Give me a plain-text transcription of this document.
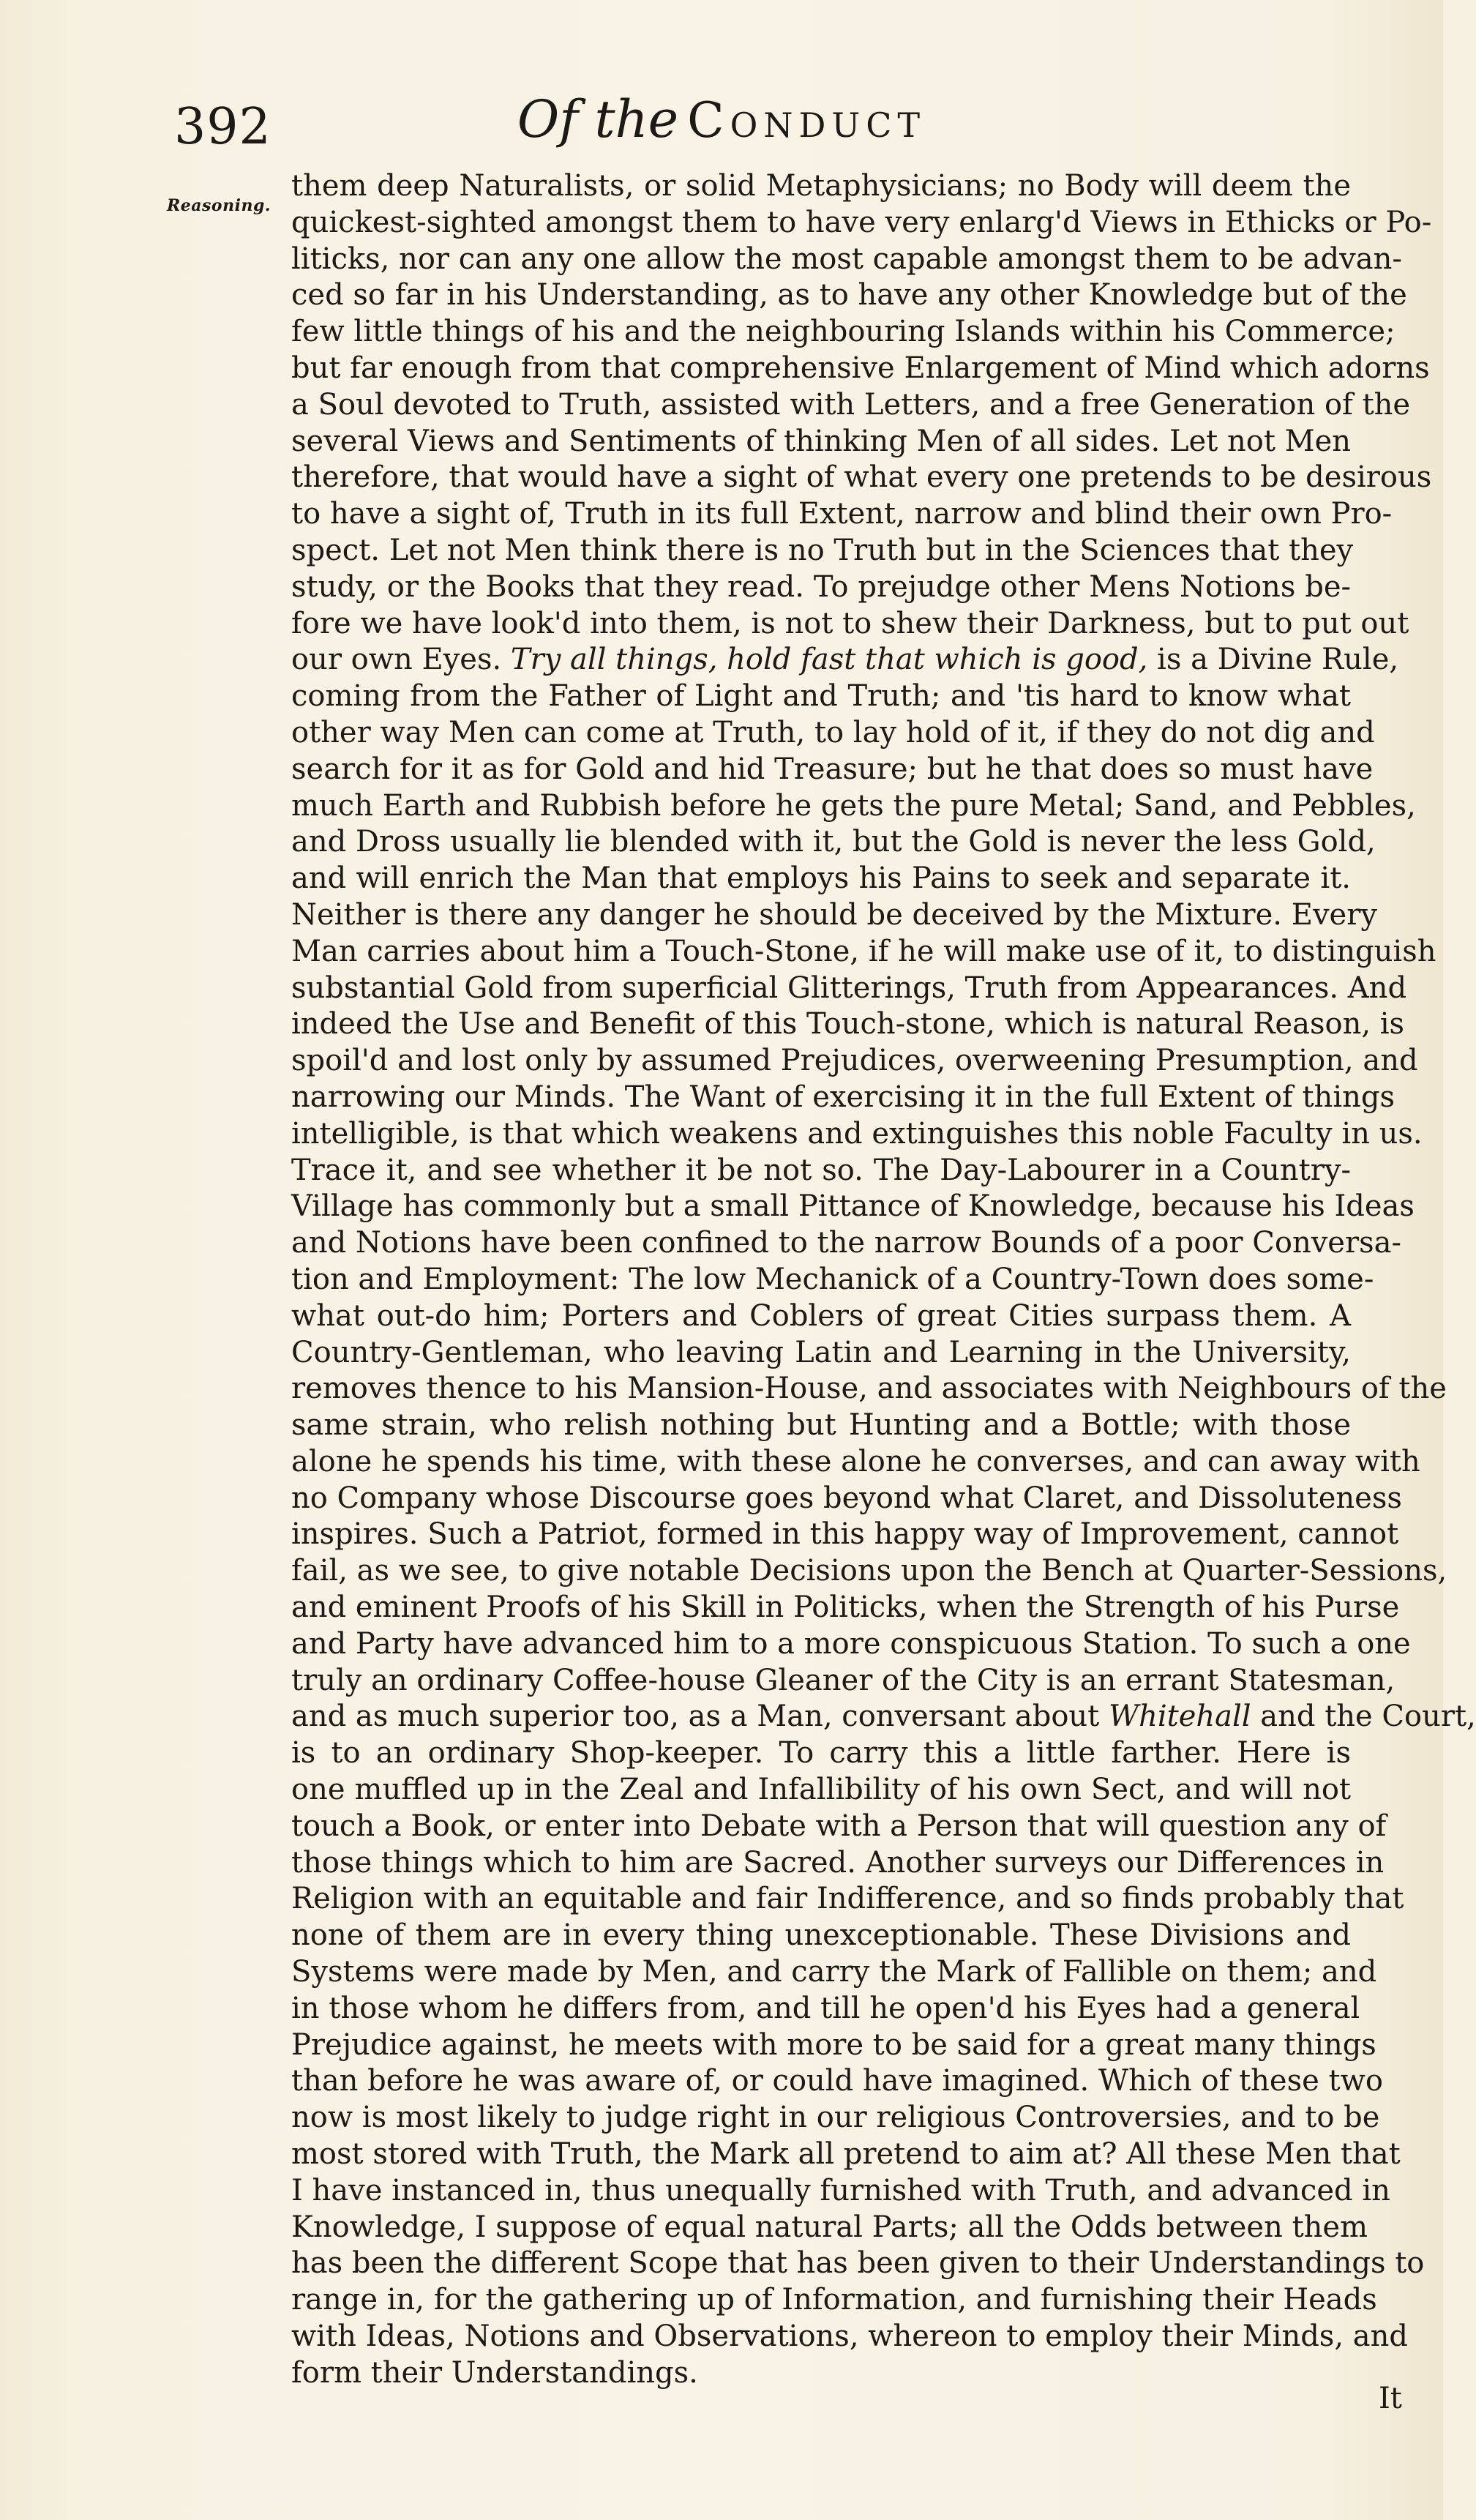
392	Of the Conduct
Reasoning.
them deep Naturalists, or solid Metaphysicians; no Body will deem the
quickest-sighted amongst them to have very enlarg'd Views in Ethicks or Po-
liticks, nor can any one allow the most capable amongst them to be advan-
ced so far in his Understanding, as to have any other Knowledge but of the
few little things of his and the neighbouring Islands within his Commerce;
but far enough from that comprehensive Enlargement of Mind which adorns
a Soul devoted to Truth, assisted with Letters, and a free Generation of the
several Views and Sentiments of thinking Men of all sides. Let not Men
therefore, that would have a sight of what every one pretends to be desirous
to have a sight of, Truth in its full Extent, narrow and blind their own Pro-
spect. Let not Men think there is no Truth but in the Sciences that they
study, or the Books that they read. To prejudge other Mens Notions be-
fore we have look'd into them, is not to shew their Darkness, but to put out
our own Eyes. Try all things, hold fast that which is good, is a Divine Rule,
coming from the Father of Light and Truth; and 'tis hard to know what
other way Men can come at Truth, to lay hold of it, if they do not dig and
search for it as for Gold and hid Treasure; but he that does so must have
much Earth and Rubbish before he gets the pure Metal; Sand, and Pebbles,
and Dross usually lie blended with it, but the Gold is never the less Gold,
and will enrich the Man that employs his Pains to seek and separate it.
Neither is there any danger he should be deceived by the Mixture. Every
Man carries about him a Touch-Stone, if he will make use of it, to distinguish
substantial Gold from superficial Glitterings, Truth from Appearances. And
indeed the Use and Benefit of this Touch-stone, which is natural Reason, is
spoil'd and lost only by assumed Prejudices, overweening Presumption, and
narrowing our Minds. The Want of exercising it in the full Extent of things
intelligible, is that which weakens and extinguishes this noble Faculty in us.
Trace it, and see whether it be not so. The Day-Labourer in a Country-
Village has commonly but a small Pittance of Knowledge, because his Ideas
and Notions have been confined to the narrow Bounds of a poor Conversa-
tion and Employment: The low Mechanick of a Country-Town does some-
what out-do him; Porters and Coblers of great Cities surpass them. A
Country-Gentleman, who leaving Latin and Learning in the University,
removes thence to his Mansion-House, and associates with Neighbours of the
same strain, who relish nothing but Hunting and a Bottle; with those
alone he spends his time, with these alone he converses, and can away with
no Company whose Discourse goes beyond what Claret, and Dissoluteness
inspires. Such a Patriot, formed in this happy way of Improvement, cannot
fail, as we see, to give notable Decisions upon the Bench at Quarter-Sessions,
and eminent Proofs of his Skill in Politicks, when the Strength of his Purse
and Party have advanced him to a more conspicuous Station. To such a one
truly an ordinary Coffee-house Gleaner of the City is an errant Statesman,
and as much superior too, as a Man, conversant about Whitehall and the Court,
is to an ordinary Shop-keeper. To carry this a little farther. Here is
one muffled up in the Zeal and Infallibility of his own Sect, and will not
touch a Book, or enter into Debate with a Person that will question any of
those things which to him are Sacred. Another surveys our Differences in
Religion with an equitable and fair Indifference, and so finds probably that
none of them are in every thing unexceptionable. These Divisions and
Systems were made by Men, and carry the Mark of Fallible on them; and
in those whom he differs from, and till he open'd his Eyes had a general
Prejudice against, he meets with more to be said for a great many things
than before he was aware of, or could have imagined. Which of these two
now is most likely to judge right in our religious Controversies, and to be
most stored with Truth, the Mark all pretend to aim at? All these Men that
I have instanced in, thus unequally furnished with Truth, and advanced in
Knowledge, I suppose of equal natural Parts; all the Odds between them
has been the different Scope that has been given to their Understandings to
range in, for the gathering up of Information, and furnishing their Heads
with Ideas, Notions and Observations, whereon to employ their Minds, and
form their Understandings.
It
